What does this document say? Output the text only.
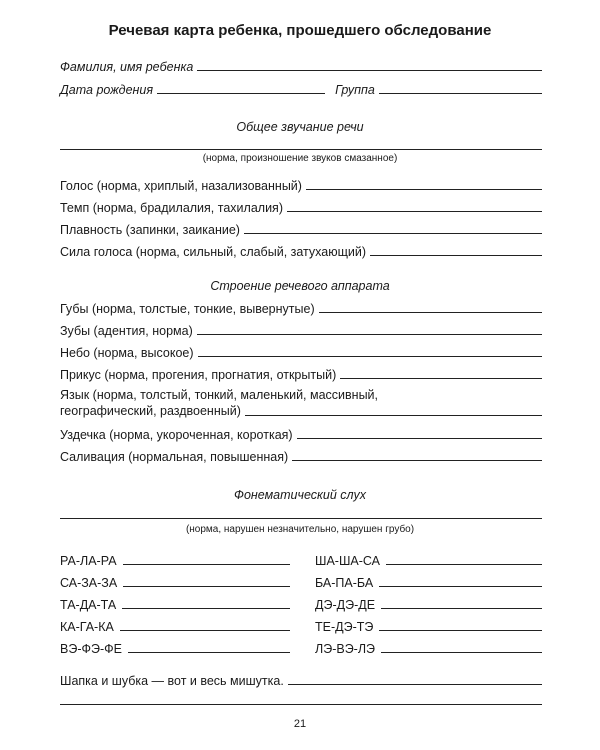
Речевая карта ребенка, прошедшего обследование
Фамилия, имя ребенка
Дата рождения	Группа
Общее звучание речи
(норма, произношение звуков смазанное)
Голос (норма, хриплый, назализованный)
Темп (норма, брадилалия, тахилалия)
Плавность (запинки, заикание)
Сила голоса (норма, сильный, слабый, затухающий)
Строение речевого аппарата
Губы (норма, толстые, тонкие, вывернутые)
Зубы (адентия, норма)
Небо (норма, высокое)
Прикус (норма, прогения, прогнатия, открытый)
Язык (норма, толстый, тонкий, маленький, массивный,
географический, раздвоенный)
Уздечка (норма, укороченная, короткая)
Саливация (нормальная, повышенная)
Фонематический слух
(норма, нарушен незначительно, нарушен грубо)
РА-ЛА-РА
СА-ЗА-ЗА
ТА-ДА-ТА
КА-ГА-КА
ВЭ-ФЭ-ФЕ
ША-ША-СА
БА-ПА-БА
ДЭ-ДЭ-ДЕ
ТЕ-ДЭ-ТЭ
ЛЭ-ВЭ-ЛЭ
Шапка и шубка — вот и весь мишутка.
21
